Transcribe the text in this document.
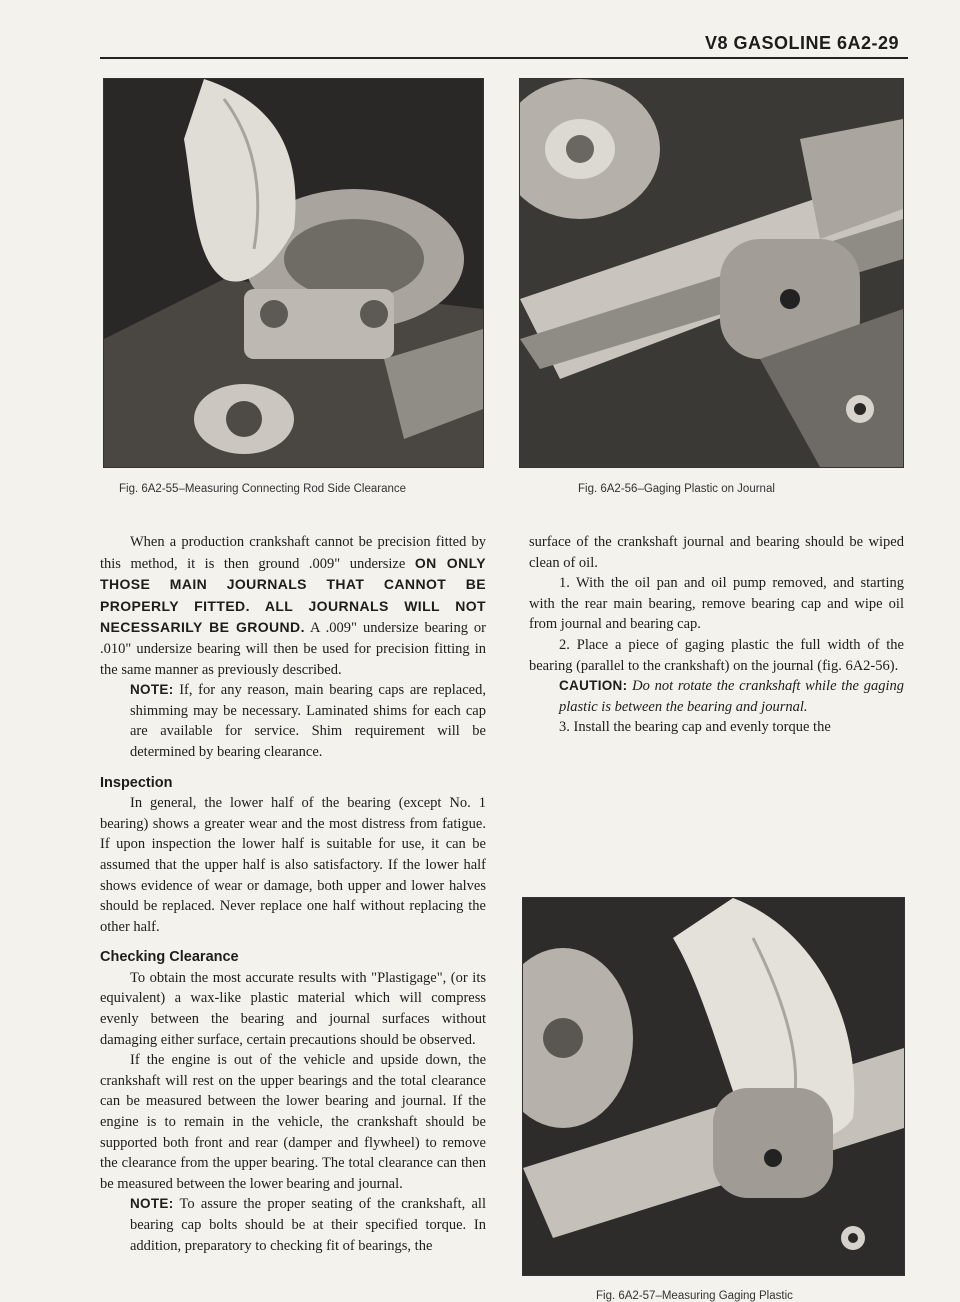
V8 GASOLINE 6A2-29
Fig. 6A2-55–Measuring Connecting Rod Side Clearance	Fig. 6A2-56–Gaging Plastic on Journal
Fig. 6A2-57–Measuring Gaging Plastic

When a production crankshaft cannot be precision fitted by this method, it is then ground .009" undersize ON ONLY THOSE MAIN JOURNALS THAT CANNOT BE PROPERLY FITTED. ALL JOURNALS WILL NOT NECESSARILY BE GROUND. A .009" undersize bearing or .010" undersize bearing will then be used for precision fitting in the same manner as previously described.

NOTE: If, for any reason, main bearing caps are replaced, shimming may be necessary. Laminated shims for each cap are available for service. Shim requirement will be determined by bearing clearance.

Inspection

In general, the lower half of the bearing (except No. 1 bearing) shows a greater wear and the most distress from fatigue. If upon inspection the lower half is suitable for use, it can be assumed that the upper half is also satisfactory. If the lower half shows evidence of wear or damage, both upper and lower halves should be replaced. Never replace one half without replacing the other half.

Checking Clearance

To obtain the most accurate results with "Plastigage", (or its equivalent) a wax-like plastic material which will compress evenly between the bearing and journal surfaces without damaging either surface, certain precautions should be observed.

If the engine is out of the vehicle and upside down, the crankshaft will rest on the upper bearings and the total clearance can be measured between the lower bearing and journal. If the engine is to remain in the vehicle, the crankshaft should be supported both front and rear (damper and flywheel) to remove the clearance from the upper bearing. The total clearance can then be measured between the lower bearing and journal.

NOTE: To assure the proper seating of the crankshaft, all bearing cap bolts should be at their specified torque. In addition, preparatory to checking fit of bearings, the

surface of the crankshaft journal and bearing should be wiped clean of oil.

1. With the oil pan and oil pump removed, and starting with the rear main bearing, remove bearing cap and wipe oil from journal and bearing cap.

2. Place a piece of gaging plastic the full width of the bearing (parallel to the crankshaft) on the journal (fig. 6A2-56).

CAUTION: Do not rotate the crankshaft while the gaging plastic is between the bearing and journal.

3. Install the bearing cap and evenly torque the
